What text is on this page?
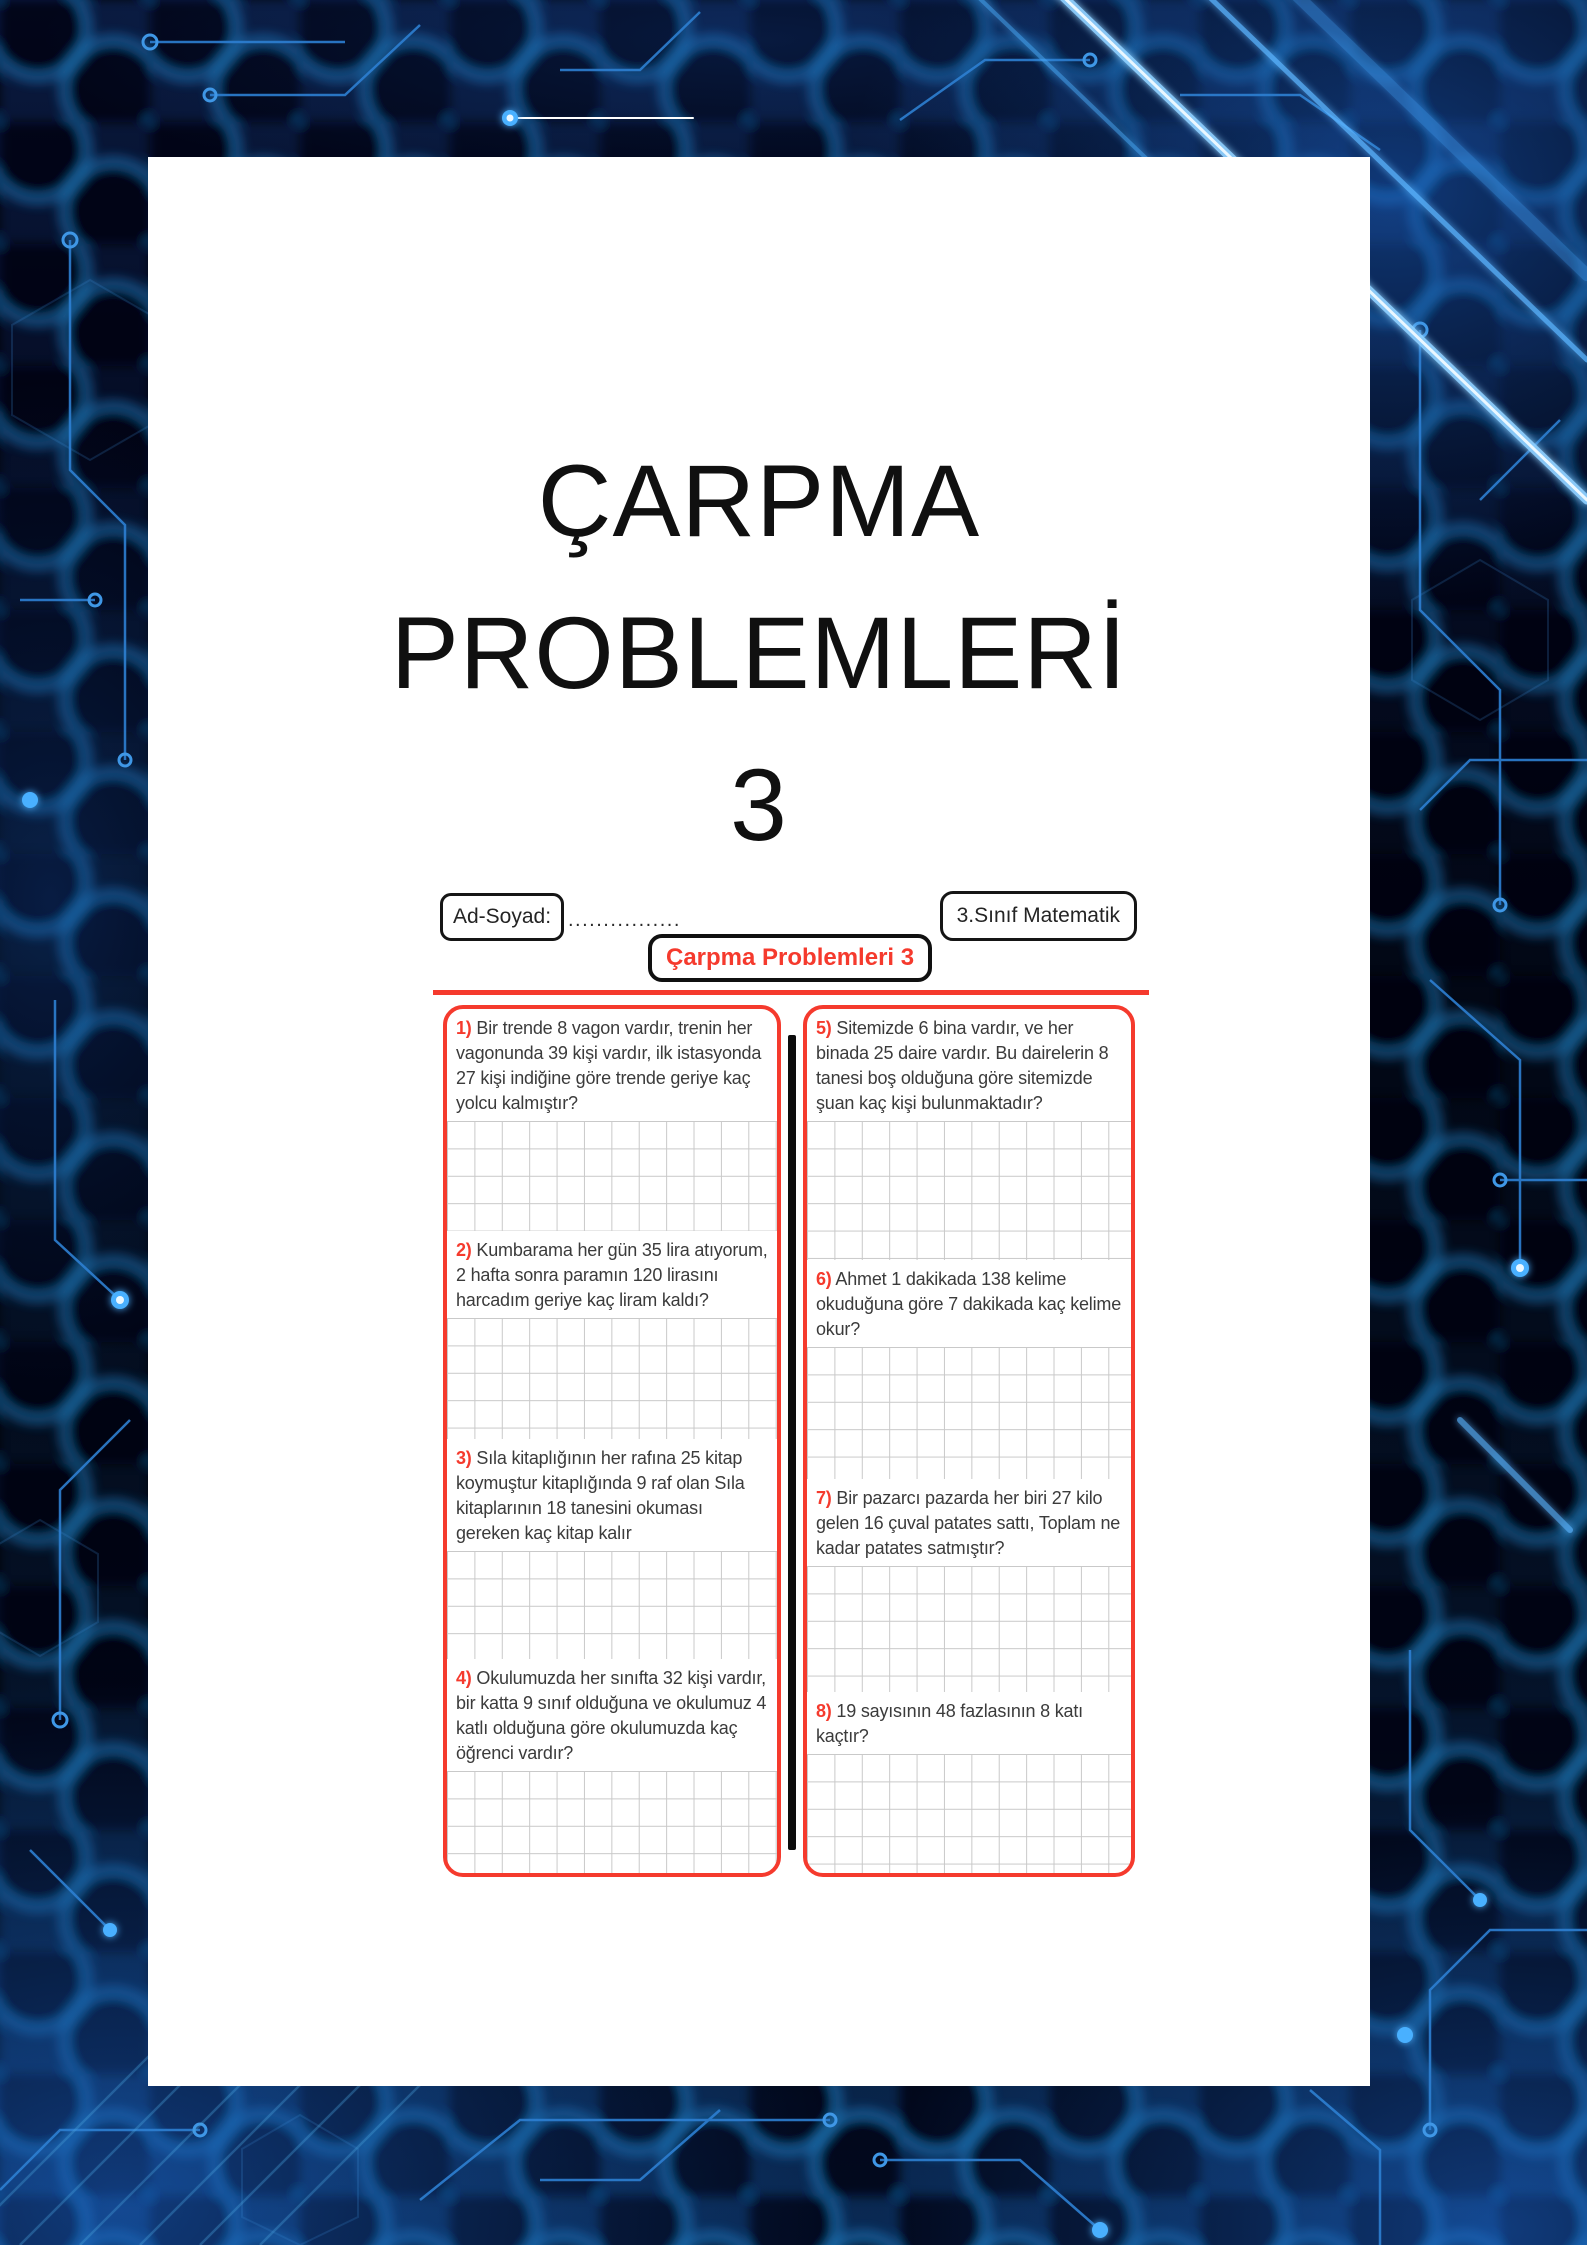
ÇARPMA
PROBLEMLERİ
3
Ad-Soyad: ................	3.Sınıf Matematik
Çarpma Problemleri 3

1) Bir trende 8 vagon vardır, trenin her vagonunda 39 kişi vardır, ilk istasyonda 27 kişi indiğine göre trende geriye kaç yolcu kalmıştır?

2) Kumbarama her gün 35 lira atıyorum, 2 hafta sonra paramın 120 lirasını harcadım geriye kaç liram kaldı?

3) Sıla kitaplığının her rafına 25 kitap koymuştur kitaplığında 9 raf olan Sıla kitaplarının 18 tanesini okuması gereken kaç kitap kalır

4) Okulumuzda her sınıfta 32 kişi vardır, bir katta 9 sınıf olduğuna ve okulumuz 4 katlı olduğuna göre okulumuzda kaç öğrenci vardır?

5) Sitemizde 6 bina vardır, ve her binada 25 daire vardır. Bu dairelerin 8 tanesi boş olduğuna göre sitemizde şuan kaç kişi bulunmaktadır?

6) Ahmet 1 dakikada 138 kelime okuduğuna göre 7 dakikada kaç kelime okur?

7) Bir pazarcı pazarda her biri 27 kilo gelen 16 çuval patates sattı, Toplam ne kadar patates satmıştır?

8) 19 sayısının 48 fazlasının 8 katı kaçtır?
